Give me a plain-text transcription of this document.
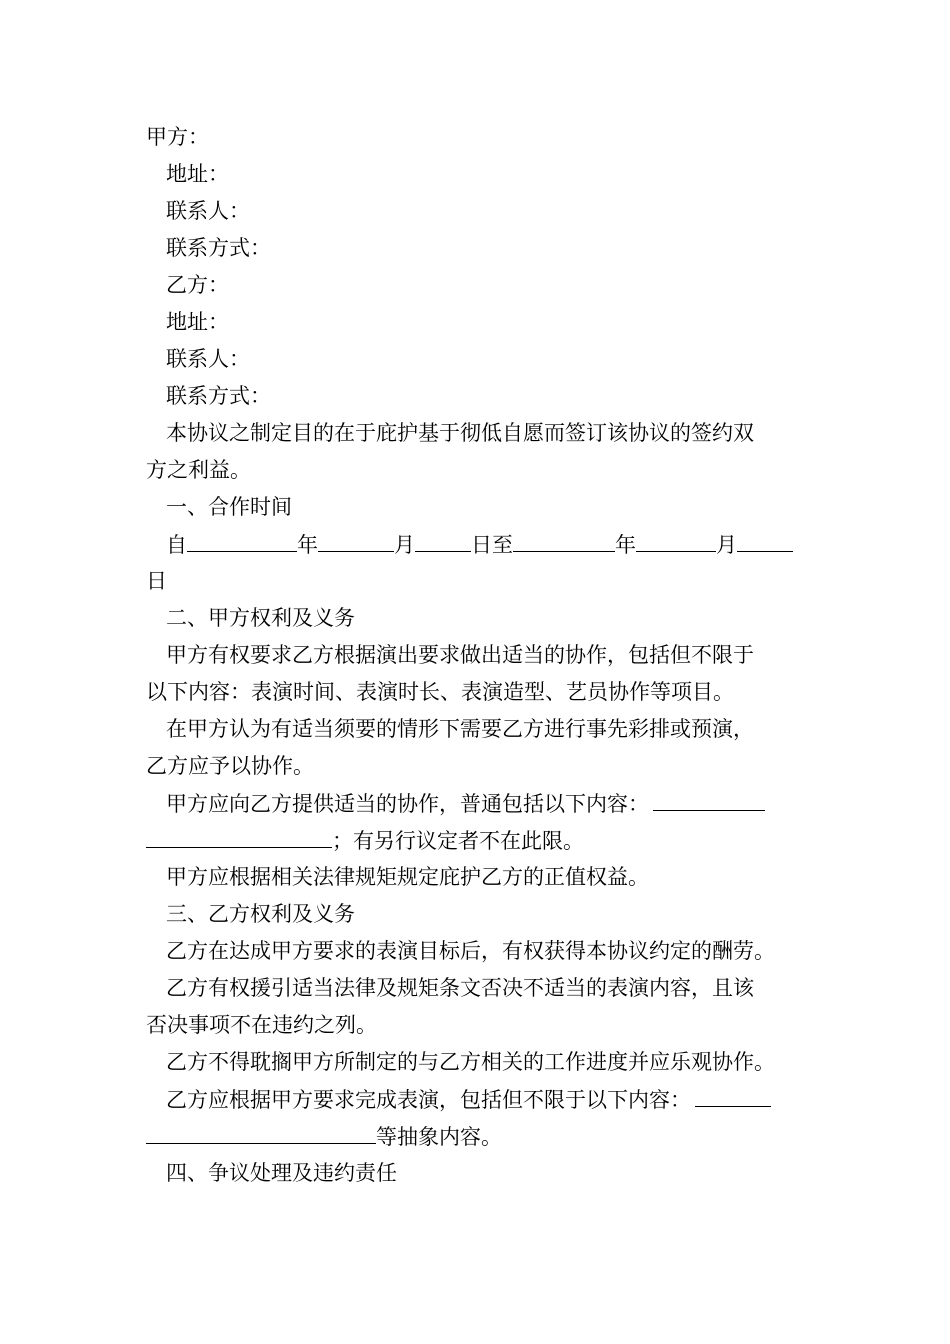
甲方：
地址：
联系人：
联系方式：
乙方：
地址：
联系人：
联系方式：
本协议之制定目的在于庇护基于彻低自愿而签订该协议的签约双
方之利益。
一、合作时间
自	年	月	日至	年	月
日
二、甲方权利及义务
甲方有权要求乙方根据演出要求做出适当的协作，包括但不限于
以下内容：表演时间、表演时长、表演造型、艺员协作等项目。
在甲方认为有适当须要的情形下需要乙方进行事先彩排或预演，
乙方应予以协作。
甲方应向乙方提供适当的协作，普通包括以下内容：
；有另行议定者不在此限。
甲方应根据相关法律规矩规定庇护乙方的正值权益。
三、乙方权利及义务
乙方在达成甲方要求的表演目标后，有权获得本协议约定的酬劳。
乙方有权援引适当法律及规矩条文否决不适当的表演内容，且该
否决事项不在违约之列。
乙方不得耽搁甲方所制定的与乙方相关的工作进度并应乐观协作。
乙方应根据甲方要求完成表演，包括但不限于以下内容：
等抽象内容。
四、争议处理及违约责任
